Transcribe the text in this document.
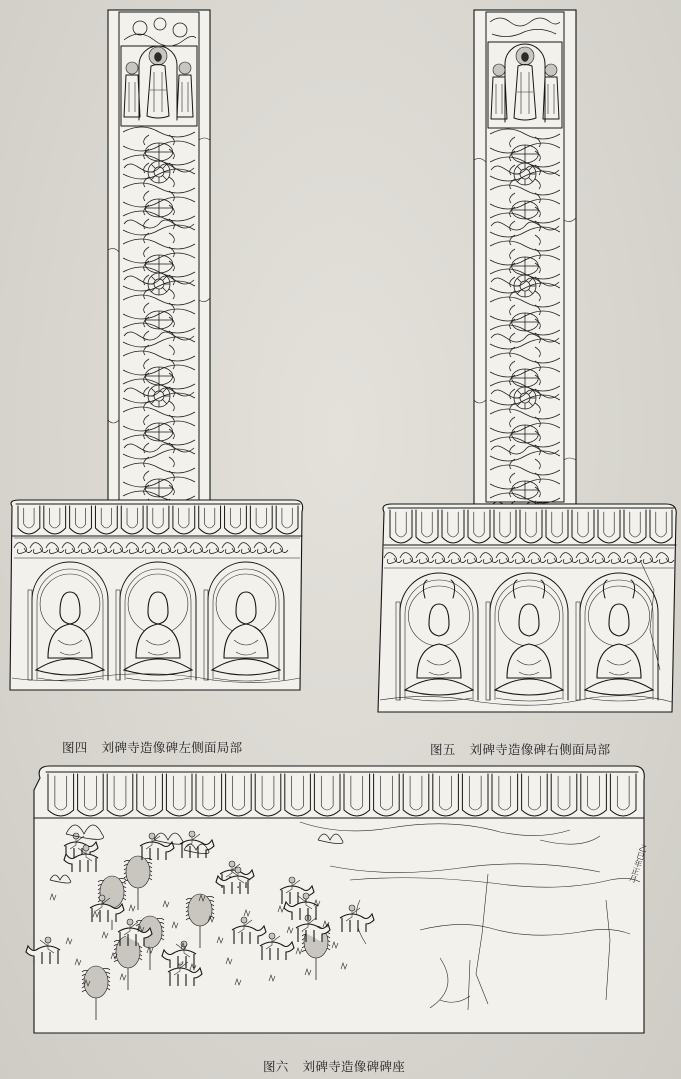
图四 刘碑寺造像碑左侧面局部	图五 刘碑寺造像碑右侧面局部
图六 刘碑寺造像碑碑座
乙巳年正月
